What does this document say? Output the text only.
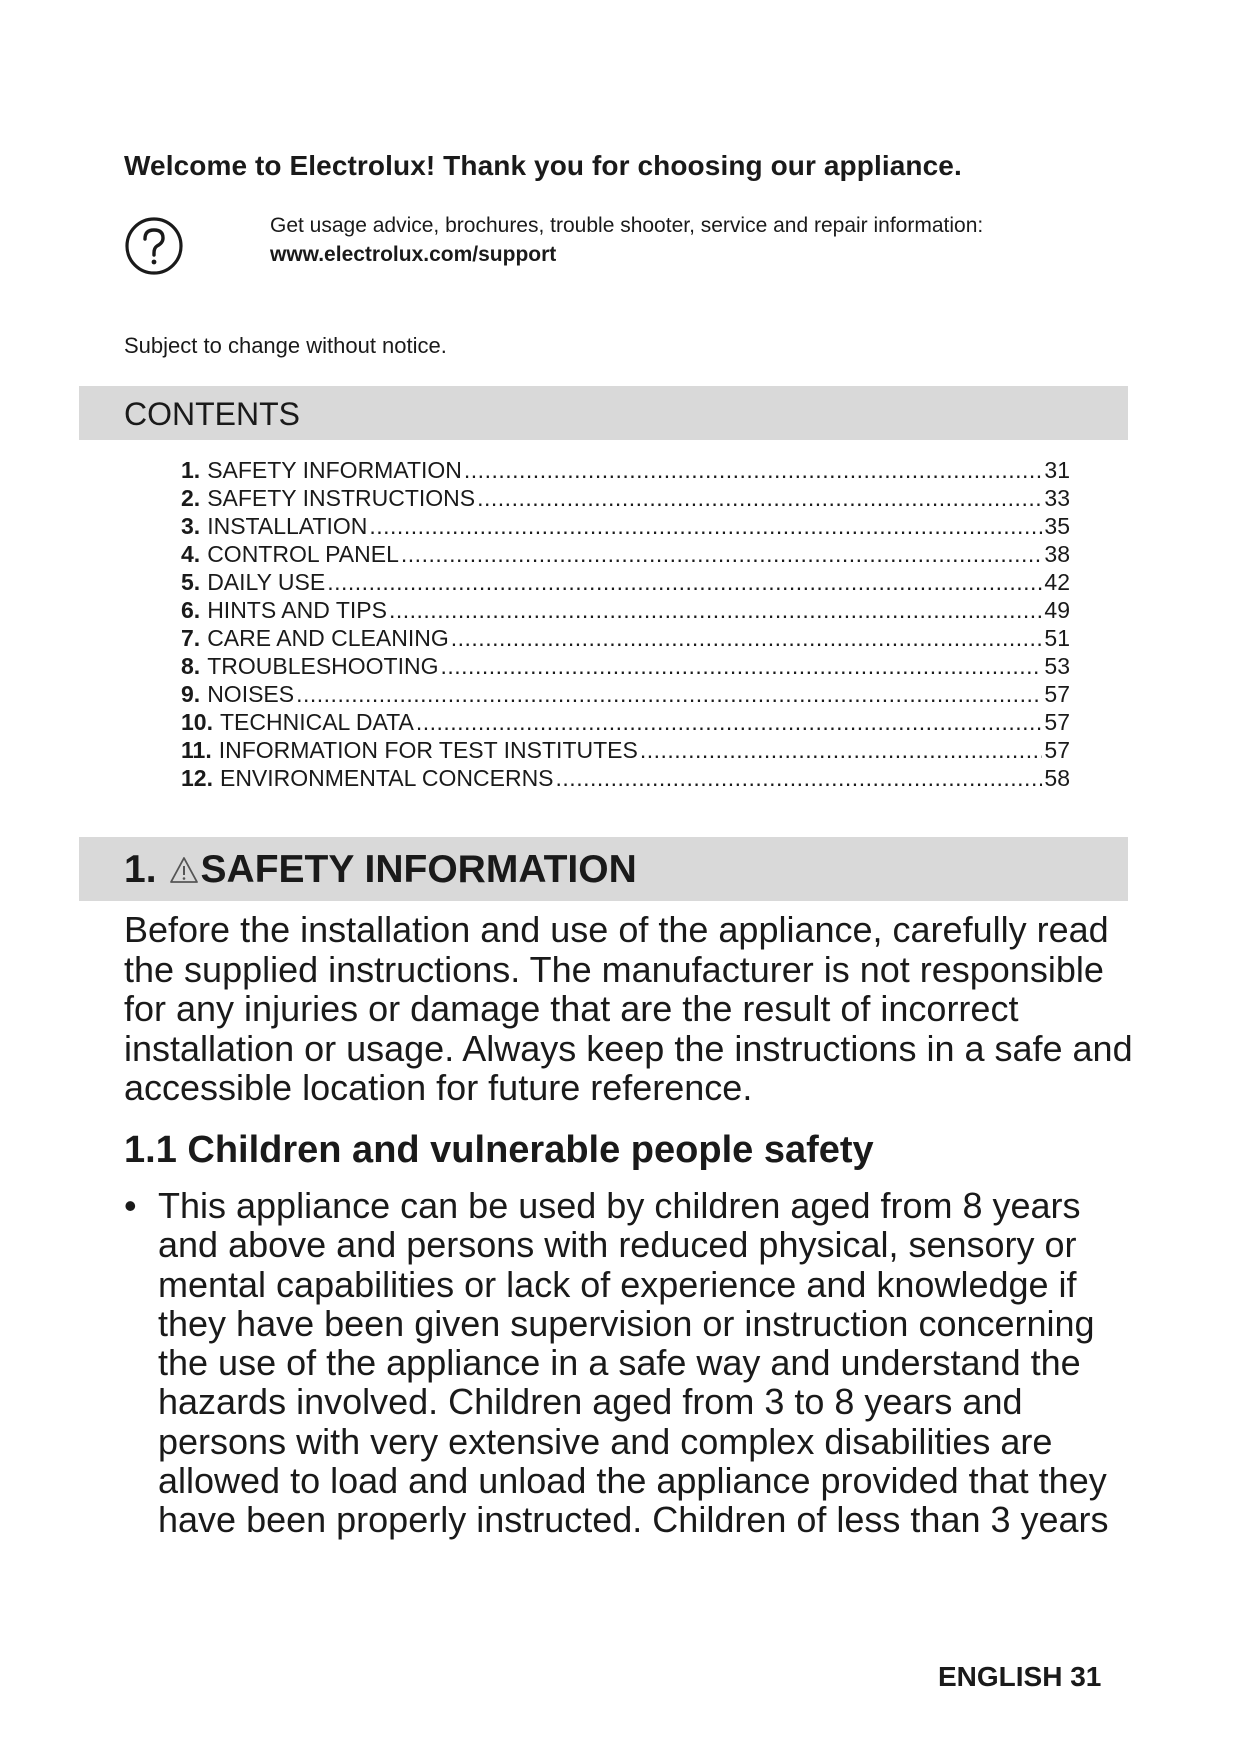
Welcome to Electrolux! Thank you for choosing our appliance.
Get usage advice, brochures, trouble shooter, service and repair information:
www.electrolux.com/support
Subject to change without notice.
CONTENTS
1. SAFETY INFORMATION .....	31
2. SAFETY INSTRUCTIONS .....	33
3. INSTALLATION .....	35
4. CONTROL PANEL .....	38
5. DAILY USE .....	42
6. HINTS AND TIPS .....	49
7. CARE AND CLEANING .....	51
8. TROUBLESHOOTING .....	53
9. NOISES .....	57
10. TECHNICAL DATA .....	57
11. INFORMATION FOR TEST INSTITUTES .....	57
12. ENVIRONMENTAL CONCERNS .....	58
1. SAFETY INFORMATION

Before the installation and use of the appliance, carefully read the supplied instructions. The manufacturer is not responsible for any injuries or damage that are the result of incorrect installation or usage. Always keep the instructions in a safe and accessible location for future reference.

1.1 Children and vulnerable people safety
• This appliance can be used by children aged from 8 years and above and persons with reduced physical, sensory or mental capabilities or lack of experience and knowledge if they have been given supervision or instruction concerning the use of the appliance in a safe way and understand the hazards involved. Children aged from 3 to 8 years and persons with very extensive and complex disabilities are allowed to load and unload the appliance provided that they have been properly instructed. Children of less than 3 years

ENGLISH 31
